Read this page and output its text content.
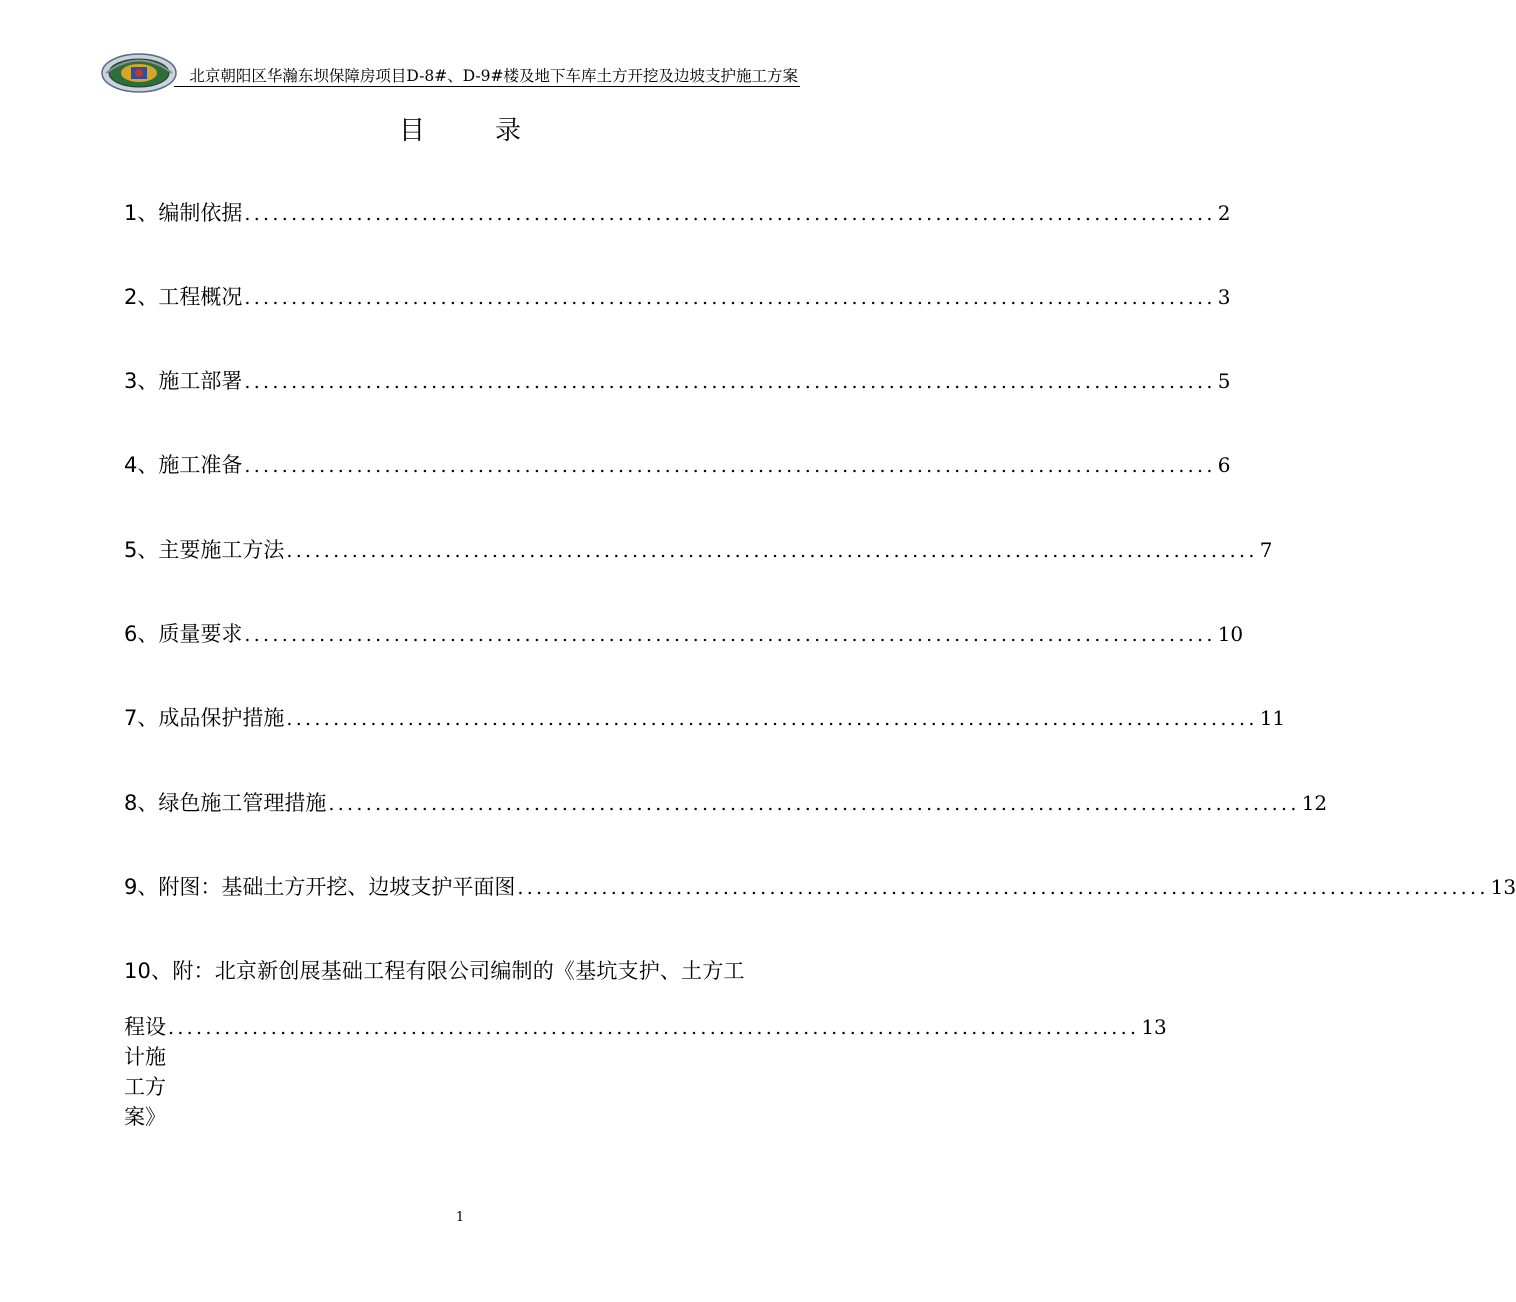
北京朝阳区华瀚东坝保障房项目D-8#、D-9#楼及地下车库土方开挖及边坡支护施工方案
目	录
1、编制依据 .....	2
2、工程概况 .....	3
3、施工部署 .....	5
4、施工准备 .....	6
5、主要施工方法 .....	7
6、质量要求 .....	10
7、成品保护措施 .....	11
8、绿色施工管理措施 .....	12
9、附图：基础土方开挖、边坡支护平面图 .....	13
10、附：北京新创展基础工程有限公司编制的《基坑支护、土方工
程设计施工方案》
........................................................................................................ 13
1
